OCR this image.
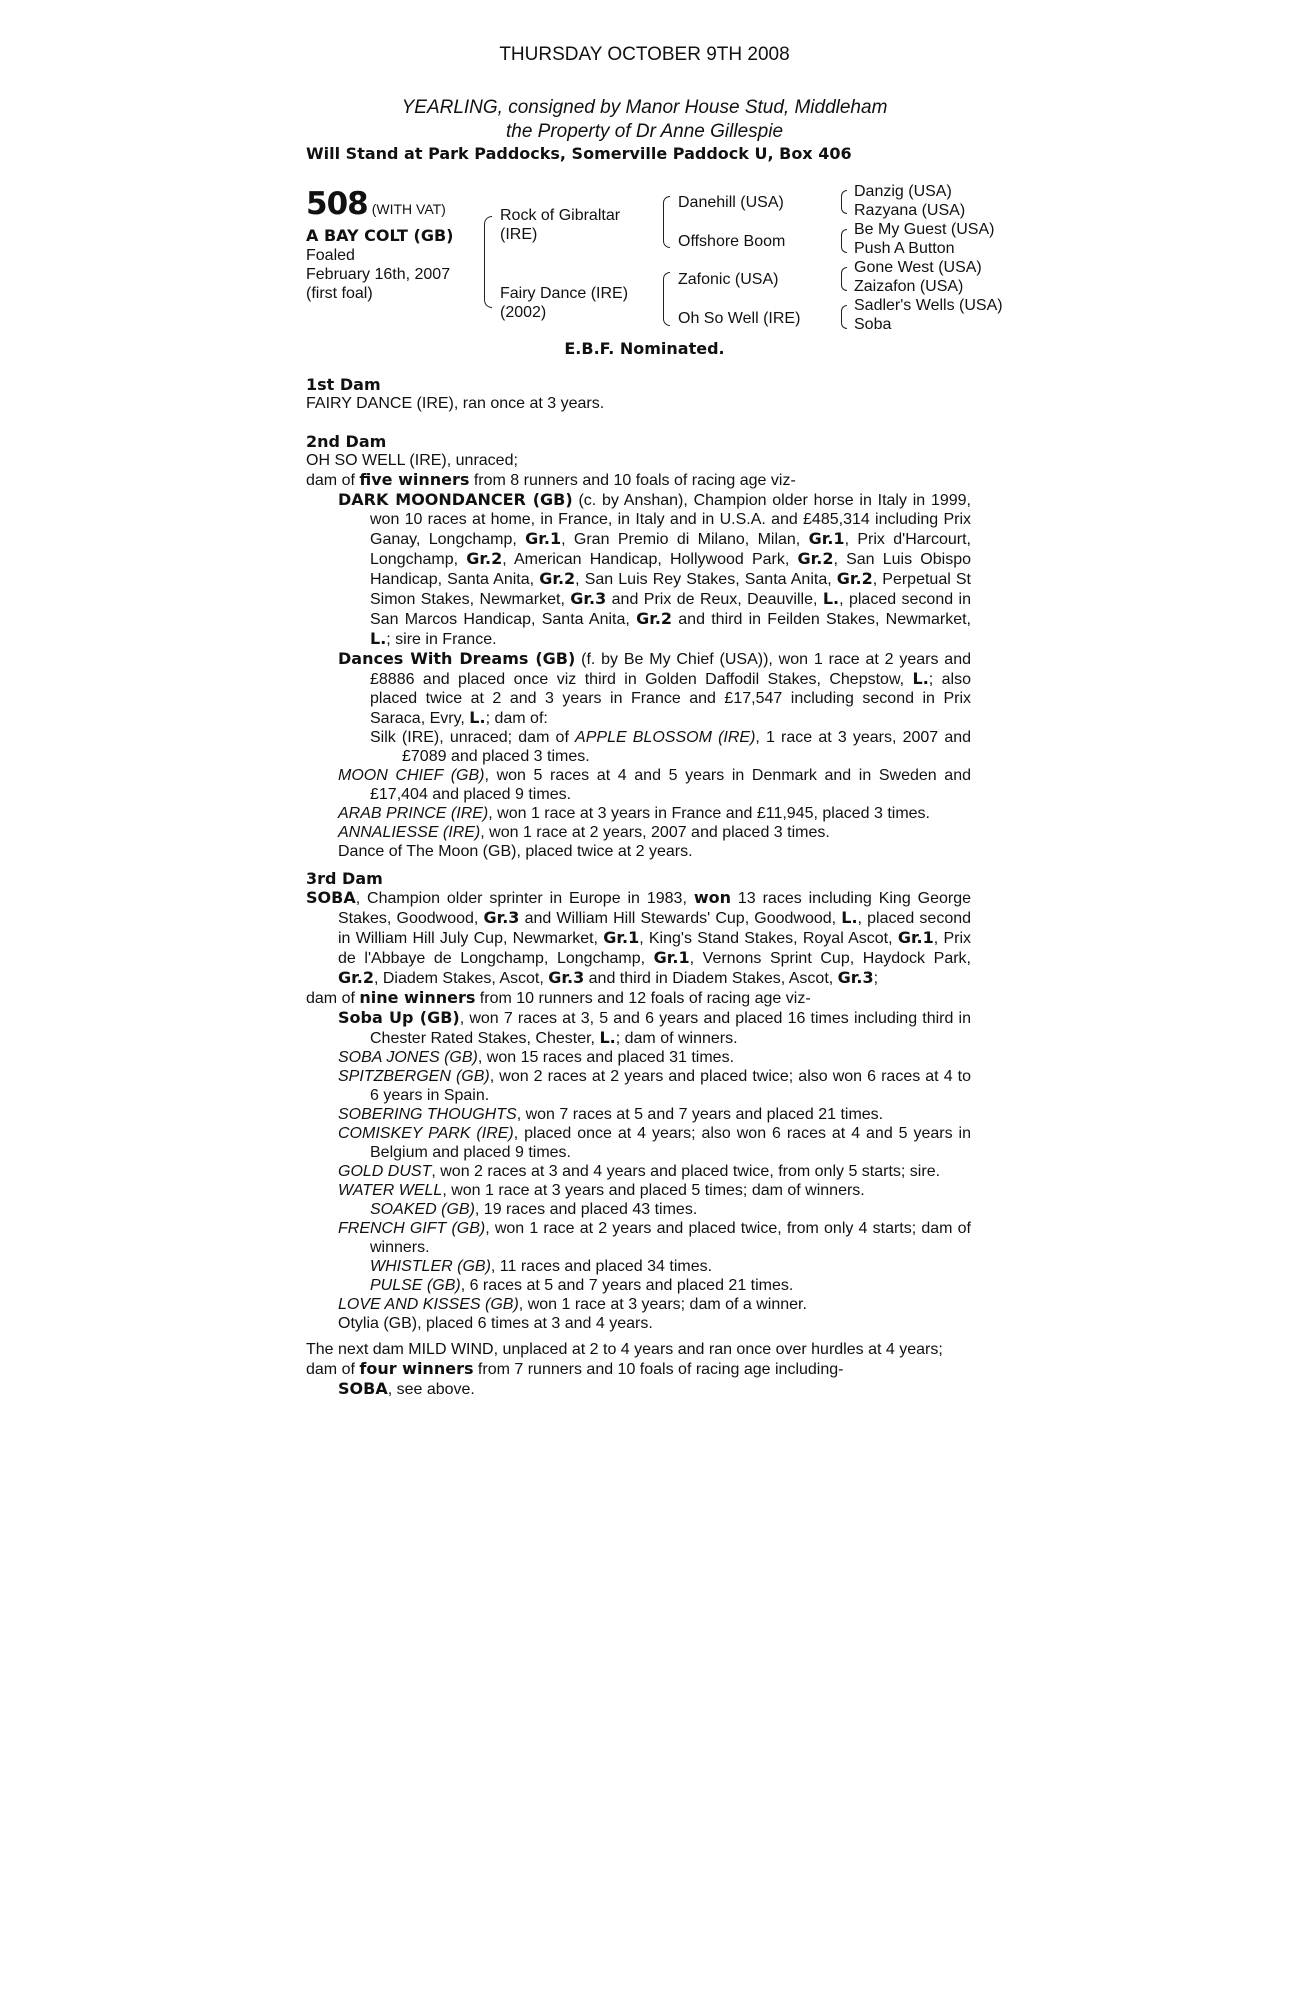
THURSDAY OCTOBER 9TH 2008
YEARLING, consigned by Manor House Stud, Middleham
the Property of Dr Anne Gillespie
Will Stand at Park Paddocks, Somerville Paddock U, Box 406
508 (WITH VAT)
A BAY COLT (GB)
Foaled
February 16th, 2007
(first foal)
Rock of Gibraltar
(IRE)
Fairy Dance (IRE)
(2002)
Danehill (USA)
Offshore Boom
Zafonic (USA)
Oh So Well (IRE)
Danzig (USA)
Razyana (USA)
Be My Guest (USA)
Push A Button
Gone West (USA)
Zaizafon (USA)
Sadler's Wells (USA)
Soba
E.B.F. Nominated.
1st Dam

FAIRY DANCE (IRE), ran once at 3 years.

2nd Dam

OH SO WELL (IRE), unraced;

dam of five winners from 8 runners and 10 foals of racing age viz-

DARK MOONDANCER (GB) (c. by Anshan), Champion older horse in Italy in 1999, won 10 races at home, in France, in Italy and in U.S.A. and £485,314 including Prix Ganay, Longchamp, Gr.1, Gran Premio di Milano, Milan, Gr.1, Prix d'Harcourt, Longchamp, Gr.2, American Handicap, Hollywood Park, Gr.2, San Luis Obispo Handicap, Santa Anita, Gr.2, San Luis Rey Stakes, Santa Anita, Gr.2, Perpetual St Simon Stakes, Newmarket, Gr.3 and Prix de Reux, Deauville, L., placed second in San Marcos Handicap, Santa Anita, Gr.2 and third in Feilden Stakes, Newmarket, L.; sire in France.

Dances With Dreams (GB) (f. by Be My Chief (USA)), won 1 race at 2 years and £8886 and placed once viz third in Golden Daffodil Stakes, Chepstow, L.; also placed twice at 2 and 3 years in France and £17,547 including second in Prix Saraca, Evry, L.; dam of:

Silk (IRE), unraced; dam of APPLE BLOSSOM (IRE), 1 race at 3 years, 2007 and £7089 and placed 3 times.

MOON CHIEF (GB), won 5 races at 4 and 5 years in Denmark and in Sweden and £17,404 and placed 9 times.

ARAB PRINCE (IRE), won 1 race at 3 years in France and £11,945, placed 3 times.

ANNALIESSE (IRE), won 1 race at 2 years, 2007 and placed 3 times.

Dance of The Moon (GB), placed twice at 2 years.

3rd Dam

SOBA, Champion older sprinter in Europe in 1983, won 13 races including King George Stakes, Goodwood, Gr.3 and William Hill Stewards' Cup, Goodwood, L., placed second in William Hill July Cup, Newmarket, Gr.1, King's Stand Stakes, Royal Ascot, Gr.1, Prix de l'Abbaye de Longchamp, Longchamp, Gr.1, Vernons Sprint Cup, Haydock Park, Gr.2, Diadem Stakes, Ascot, Gr.3 and third in Diadem Stakes, Ascot, Gr.3;

dam of nine winners from 10 runners and 12 foals of racing age viz-

Soba Up (GB), won 7 races at 3, 5 and 6 years and placed 16 times including third in Chester Rated Stakes, Chester, L.; dam of winners.

SOBA JONES (GB), won 15 races and placed 31 times.

SPITZBERGEN (GB), won 2 races at 2 years and placed twice; also won 6 races at 4 to 6 years in Spain.

SOBERING THOUGHTS, won 7 races at 5 and 7 years and placed 21 times.

COMISKEY PARK (IRE), placed once at 4 years; also won 6 races at 4 and 5 years in Belgium and placed 9 times.

GOLD DUST, won 2 races at 3 and 4 years and placed twice, from only 5 starts; sire.

WATER WELL, won 1 race at 3 years and placed 5 times; dam of winners.

SOAKED (GB), 19 races and placed 43 times.

FRENCH GIFT (GB), won 1 race at 2 years and placed twice, from only 4 starts; dam of winners.

WHISTLER (GB), 11 races and placed 34 times.

PULSE (GB), 6 races at 5 and 7 years and placed 21 times.

LOVE AND KISSES (GB), won 1 race at 3 years; dam of a winner.

Otylia (GB), placed 6 times at 3 and 4 years.

The next dam MILD WIND, unplaced at 2 to 4 years and ran once over hurdles at 4 years;

dam of four winners from 7 runners and 10 foals of racing age including-

SOBA, see above.
